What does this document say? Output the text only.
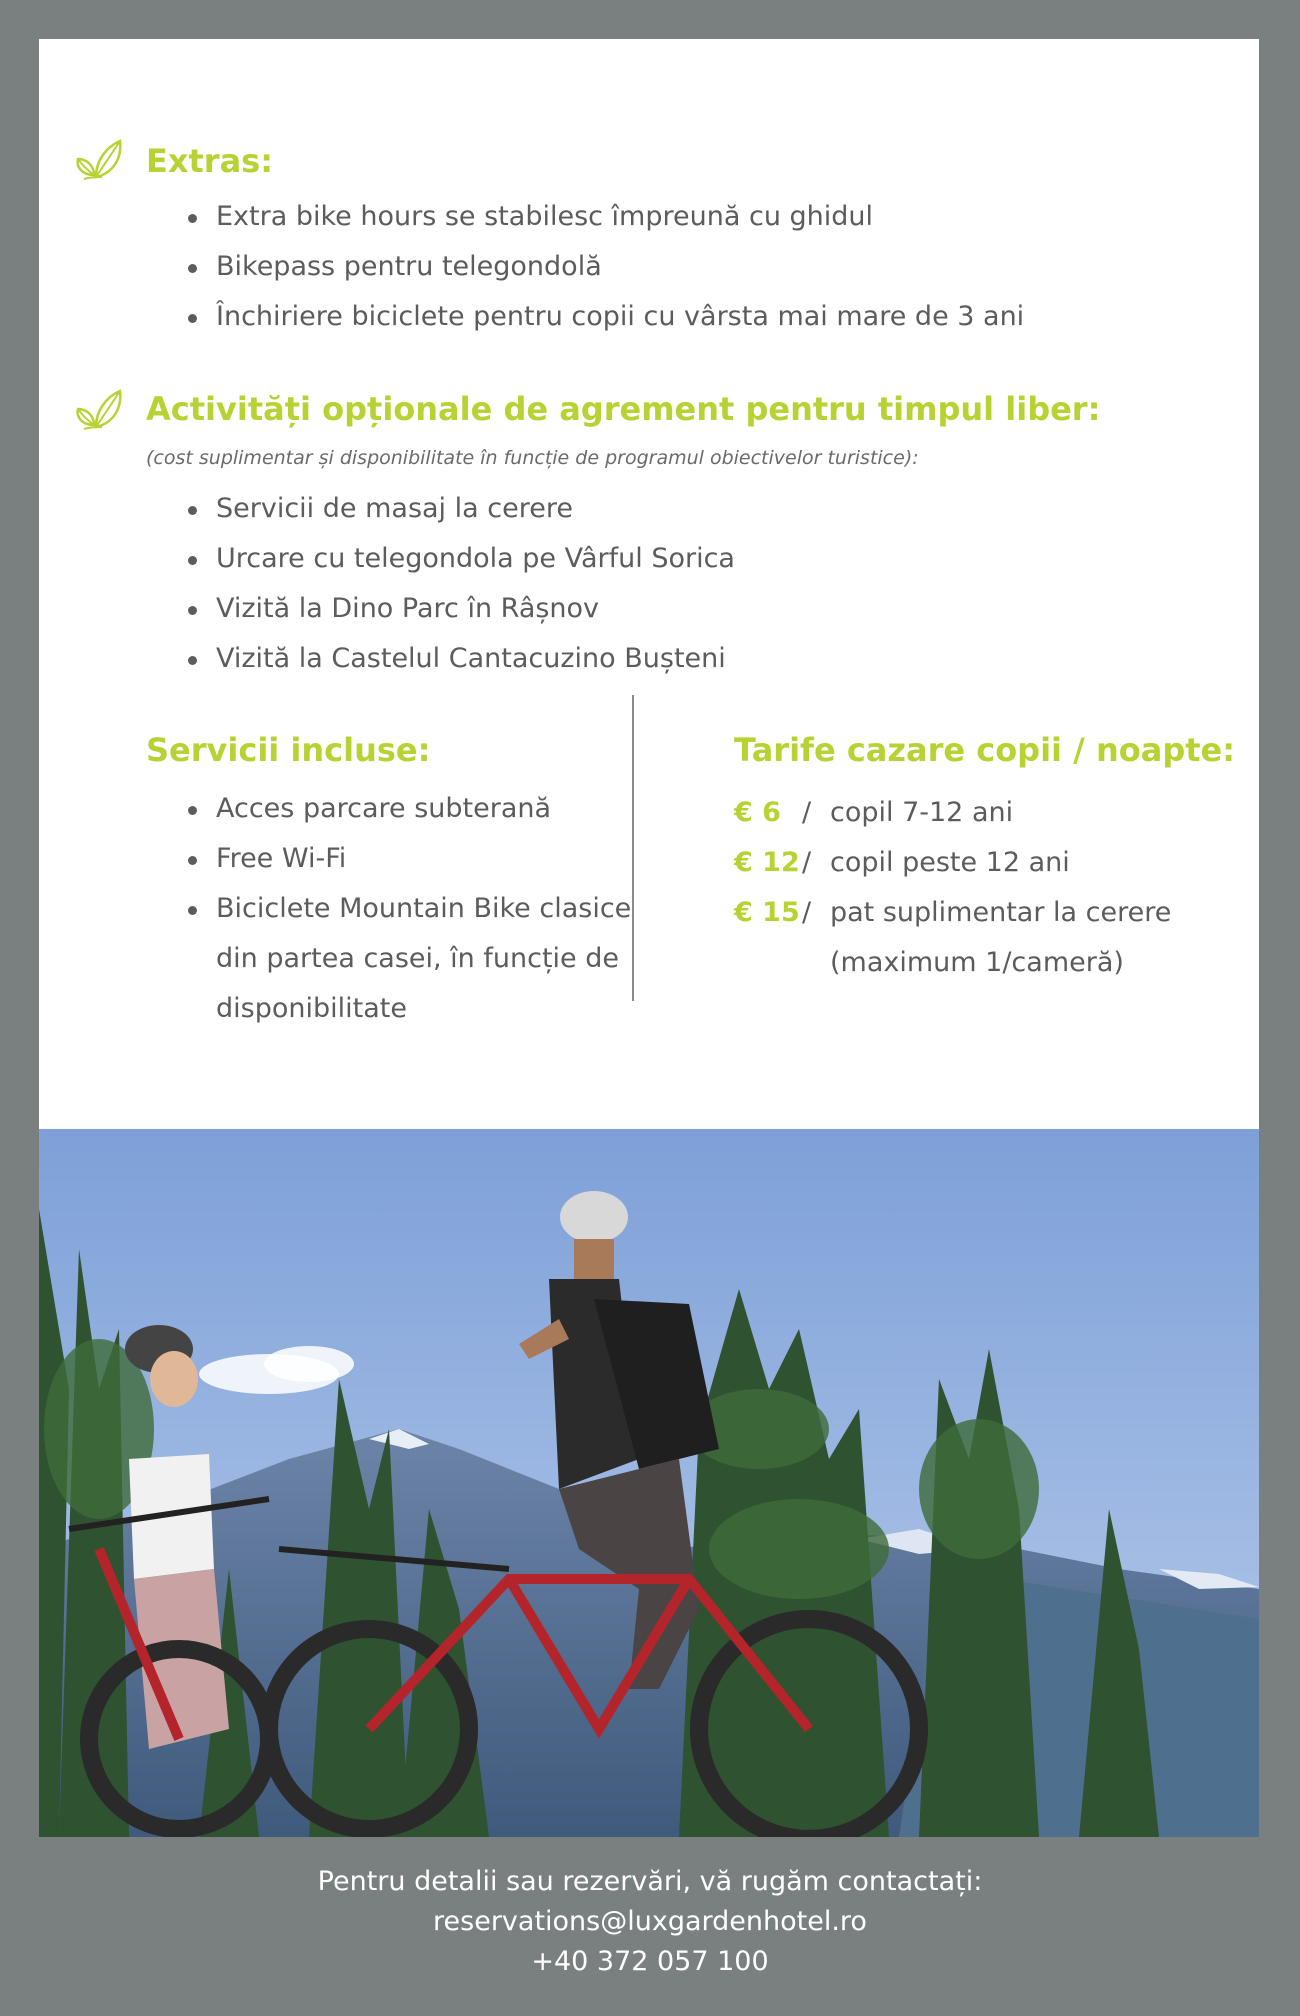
Extras:
Extra bike hours se stabilesc împreună cu ghidul
Bikepass pentru telegondolă
Închiriere biciclete pentru copii cu vârsta mai mare de 3 ani
Activități opționale de agrement pentru timpul liber:
(cost suplimentar și disponibilitate în funcție de programul obiectivelor turistice):
Servicii de masaj la cerere
Urcare cu telegondola pe Vârful Sorica
Vizită la Dino Parc în Râșnov
Vizită la Castelul Cantacuzino Bușteni
Servicii incluse:
Acces parcare subterană
Free Wi-Fi
Biciclete Mountain Bike clasice
din partea casei, în funcție de
disponibilitate
Tarife cazare copii / noapte:
€ 6 / copil 7-12 ani
€ 12/ copil peste 12 ani
€ 15/ pat suplimentar la cerere
(maximum 1/cameră)
Pentru detalii sau rezervări, vă rugăm contactați:
reservations@luxgardenhotel.ro
+40 372 057 100
